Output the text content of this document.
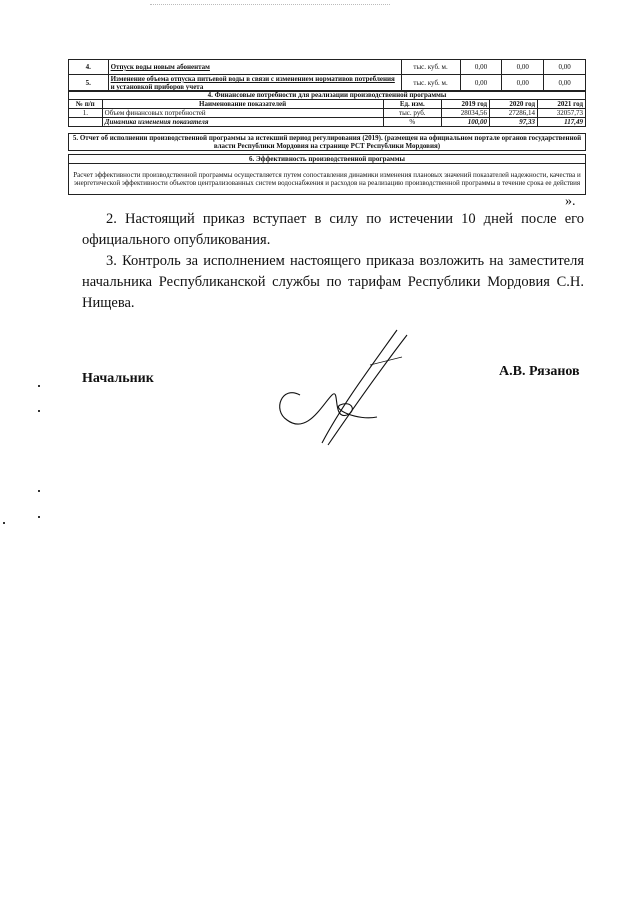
4.	Отпуск воды новым абонентам	тыс. куб. м.	0,00	0,00	0,00
5.	Изменение объема отпуска питьевой воды в связи с изменением нормативов потребления и установкой приборов учета	тыс. куб. м.	0,00	0,00	0,00
4. Финансовые потребности для реализации производственной программы					
№ п/п	Наименование показателей	Ед. изм.	2019 год	2020 год	2021 год
1.	Объем финансовых потребностей	тыс. руб.	28034,56	27286,14	32057,73
	Динамика изменения показателя	%	100,00	97,33	117,49
5. Отчет об исполнении производственной программы за истекший период регулирования (2019). (размещен на официальном портале органов государственной власти Республики Мордовия на странице РСТ Республики Мордовия)
6. Эффективность производственной программы
Расчет эффективности производственной программы осуществляется путем сопоставления динамики изменения плановых значений показателей надежности, качества и энергетической эффективности объектов централизованных систем водоснабжения и расходов на реализацию производственной программы в течение срока ее действия
».
2. Настоящий приказ вступает в силу по истечении 10 дней после его официального опубликования.
3. Контроль за исполнением настоящего приказа возложить на заместителя начальника Республиканской службы по тарифам Республики Мордовия С.Н. Нищева.
Начальник	А.В. Рязанов
